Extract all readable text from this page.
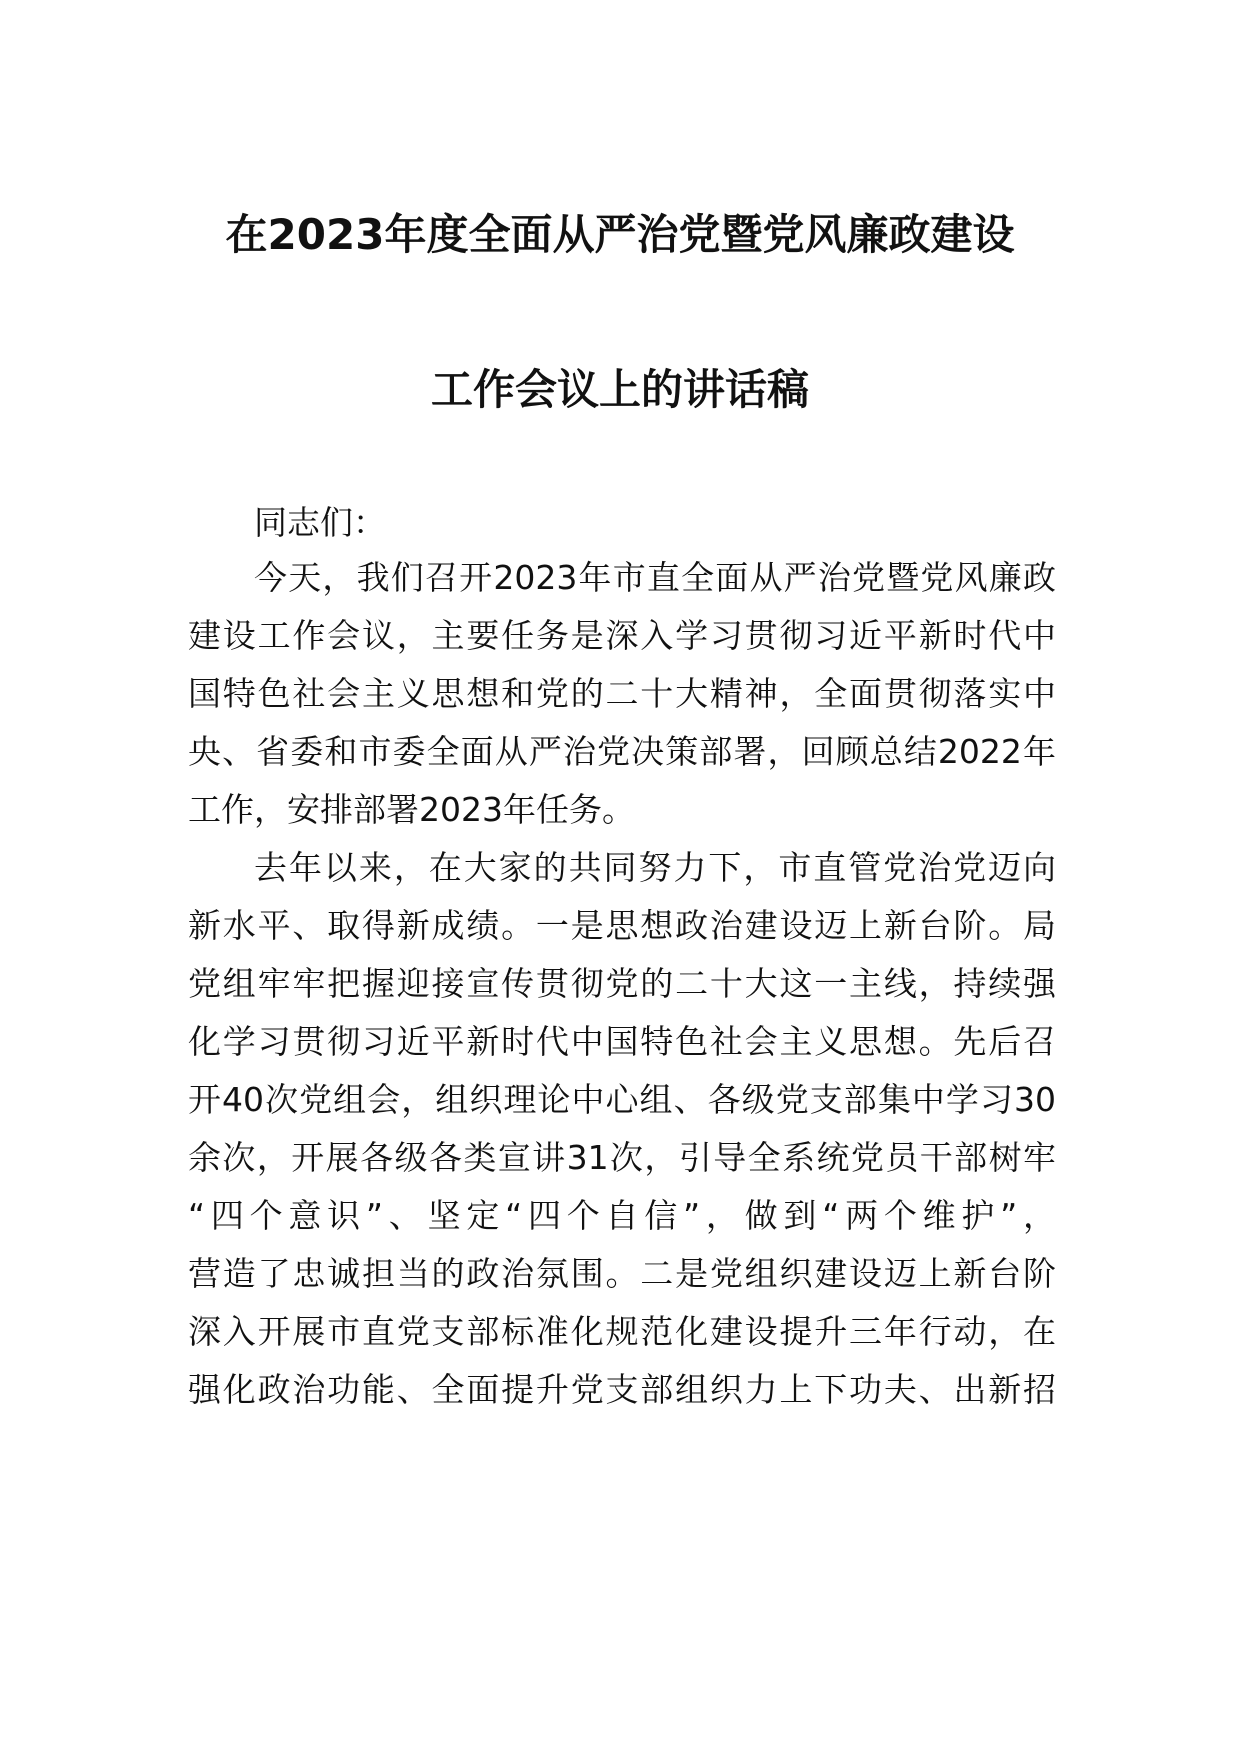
在2023年度全面从严治党暨党风廉政建设
工作会议上的讲话稿
同志们：
今天，我们召开2023年市直全面从严治党暨党风廉政
建设工作会议，主要任务是深入学习贯彻习近平新时代中
国特色社会主义思想和党的二十大精神，全面贯彻落实中
央、省委和市委全面从严治党决策部署，回顾总结2022年
工作，安排部署2023年任务。
去年以来，在大家的共同努力下，市直管党治党迈向
新水平、取得新成绩。一是思想政治建设迈上新台阶。局
党组牢牢把握迎接宣传贯彻党的二十大这一主线，持续强
化学习贯彻习近平新时代中国特色社会主义思想。先后召
开40次党组会，组织理论中心组、各级党支部集中学习30
余次，开展各级各类宣讲31次，引导全系统党员干部树牢
“四个意识”、坚定“四个自信”，做到“两个维护”，
营造了忠诚担当的政治氛围。二是党组织建设迈上新台阶
深入开展市直党支部标准化规范化建设提升三年行动，在
强化政治功能、全面提升党支部组织力上下功夫、出新招
